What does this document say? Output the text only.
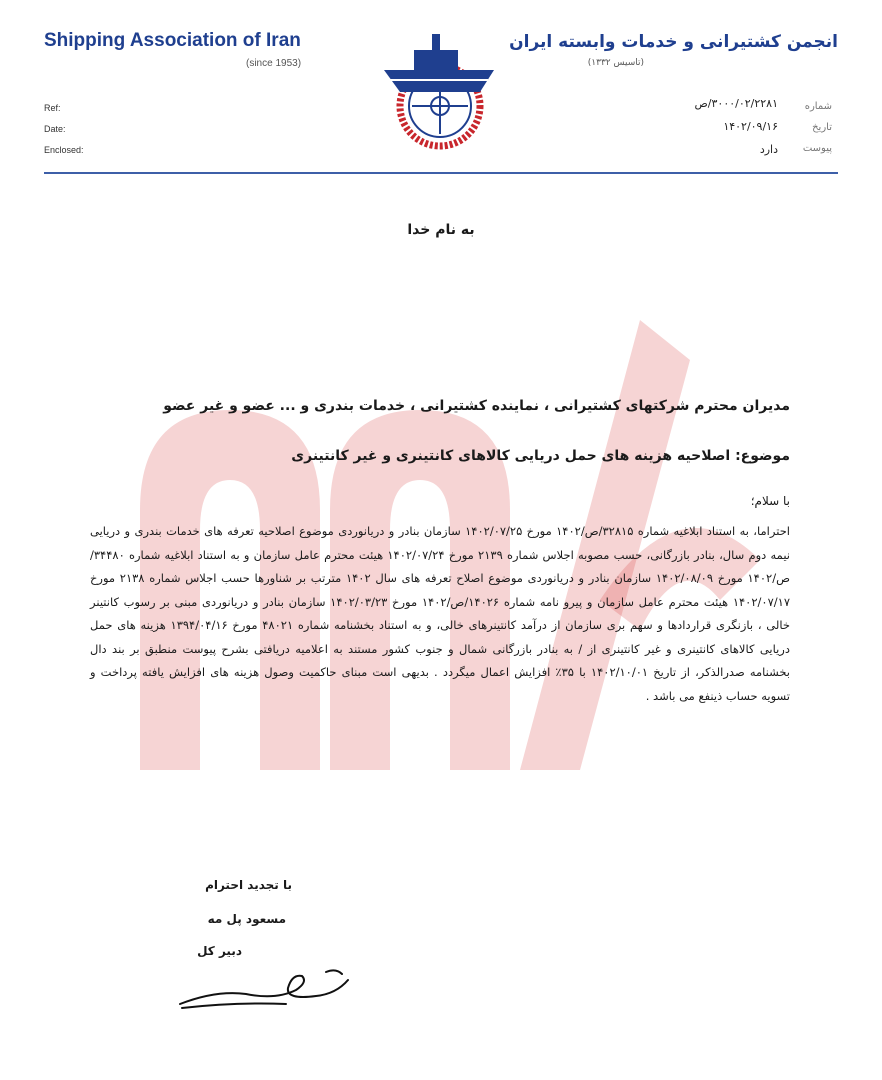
Shipping Association of Iran
(since 1953)
Ref:
Date:
Enclosed:
انجمن کشتیرانی و خدمات وابسته ایران
(تاسیس ۱۳۳۲)
شماره
تاریخ
پیوست
۳۰۰۰/۰۲/۲۲۸۱/ص
۱۴۰۲/۰۹/۱۶
دارد
به نام خدا
مدیران محترم شرکتهای کشتیرانی ، نماینده کشتیرانی ، خدمات بندری و ... عضو و غیر عضو
موضوع: اصلاحیه هزینه های حمل دریایی کالاهای کانتینری و غیر کانتینری
با سلام؛
احتراما، به استناد ابلاغیه شماره ۳۲۸۱۵/ص/۱۴۰۲ مورخ ۱۴۰۲/۰۷/۲۵ سازمان بنادر و دریانوردی موضوع اصلاحیه تعرفه های خدمات بندری و دریایی نیمه دوم سال، بنادر بازرگانی، حسب مصوبه اجلاس شماره ۲۱۳۹ مورخ ۱۴۰۲/۰۷/۲۴ هیئت محترم عامل سازمان و به استناد ابلاغیه شماره ۳۴۴۸۰/ص/۱۴۰۲ مورخ ۱۴۰۲/۰۸/۰۹ سازمان بنادر و دریانوردی موضوع اصلاح تعرفه های سال ۱۴۰۲ مترتب بر شناورها حسب اجلاس شماره ۲۱۳۸ مورخ ۱۴۰۲/۰۷/۱۷ هیئت محترم عامل سازمان و پیرو نامه شماره ۱۴۰۲۶/ص/۱۴۰۲ مورخ ۱۴۰۲/۰۳/۲۳ سازمان بنادر و دریانوردی مبنی بر رسوب کانتینر خالی ، بازنگری قراردادها و سهم بری سازمان از درآمد کانتینرهای خالی، و به استناد بخشنامه شماره ۴۸۰۲۱ مورخ ۱۳۹۴/۰۴/۱۶ هزینه های حمل دریایی کالاهای کانتینری و غیر کانتینری از / به بنادر بازرگانی شمال و جنوب کشور مستند به اعلامیه دریافتی بشرح پیوست منطبق بر بند دال بخشنامه صدرالذکر، از تاریخ ۱۴۰۲/۱۰/۰۱ با ۳۵٪ افزایش اعمال میگردد . بدیهی است مبنای حاکمیت وصول هزینه های افزایش یافته پرداخت و تسویه حساب ذینفع می باشد .
با تجدید احترام
مسعود پل مه
دبیر کل
